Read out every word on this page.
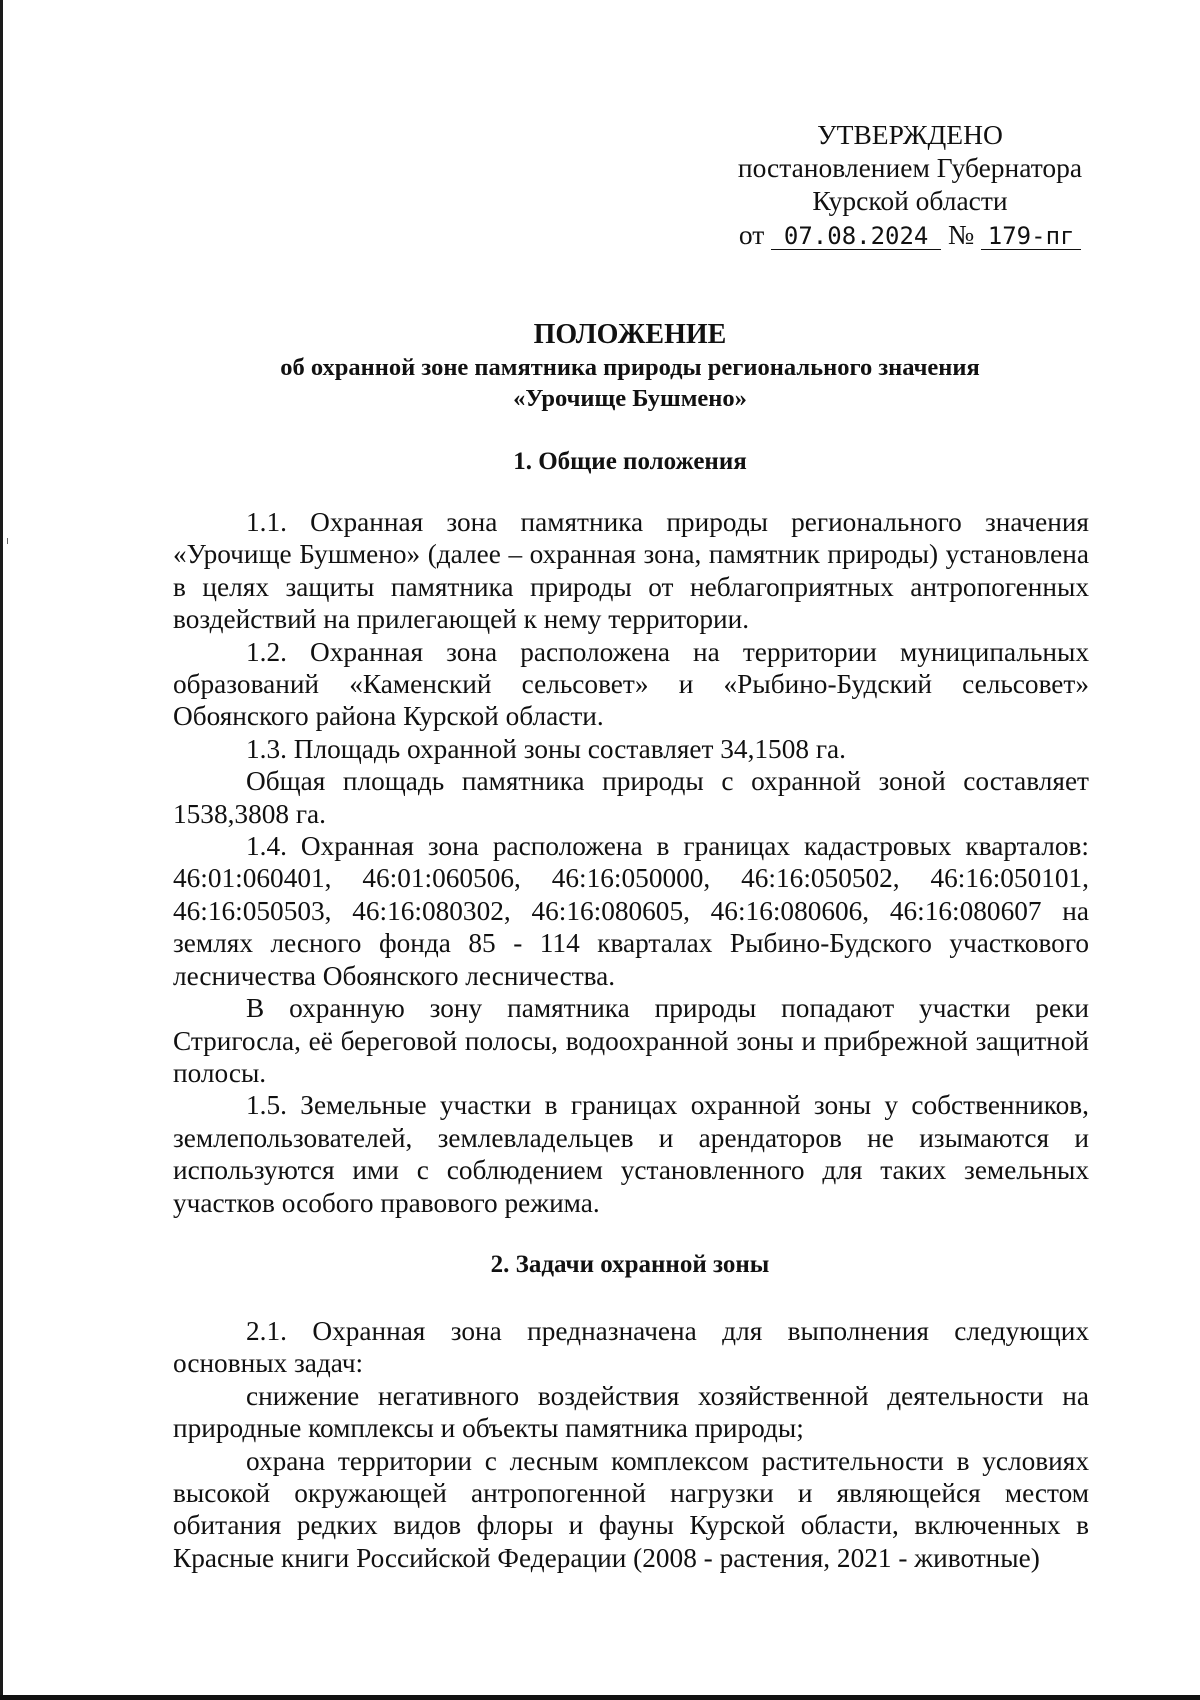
УТВЕРЖДЕНО
постановлением Губернатора
Курской области
от 07.08.2024 № 179-пг
ПОЛОЖЕНИЕ
об охранной зоне памятника природы регионального значения
«Урочище Бушмено»
1. Общие положения

1.1. Охранная зона памятника природы регионального значения «Урочище Бушмено» (далее – охранная зона, памятник природы) установлена в целях защиты памятника природы от неблагоприятных антропогенных воздействий на прилегающей к нему территории.

1.2. Охранная зона расположена на территории муниципальных образований «Каменский сельсовет» и «Рыбино-Будский сельсовет» Обоянского района Курской области.

1.3. Площадь охранной зоны составляет 34,1508 га.

Общая площадь памятника природы с охранной зоной составляет 1538,3808 га.

1.4. Охранная зона расположена в границах кадастровых кварталов: 46:01:060401, 46:01:060506, 46:16:050000, 46:16:050502, 46:16:050101, 46:16:050503, 46:16:080302, 46:16:080605, 46:16:080606, 46:16:080607 на землях лесного фонда 85 - 114 кварталах Рыбино-Будского участкового лесничества Обоянского лесничества.

В охранную зону памятника природы попадают участки реки Стригосла, её береговой полосы, водоохранной зоны и прибрежной защитной полосы.

1.5. Земельные участки в границах охранной зоны у собственников, землепользователей, землевладельцев и арендаторов не изымаются и используются ими с соблюдением установленного для таких земельных участков особого правового режима.

2. Задачи охранной зоны

2.1. Охранная зона предназначена для выполнения следующих основных задач:

снижение негативного воздействия хозяйственной деятельности на природные комплексы и объекты памятника природы;

охрана территории с лесным комплексом растительности в условиях высокой окружающей антропогенной нагрузки и являющейся местом обитания редких видов флоры и фауны Курской области, включенных в Красные книги Российской Федерации (2008 - растения, 2021 - животные)
